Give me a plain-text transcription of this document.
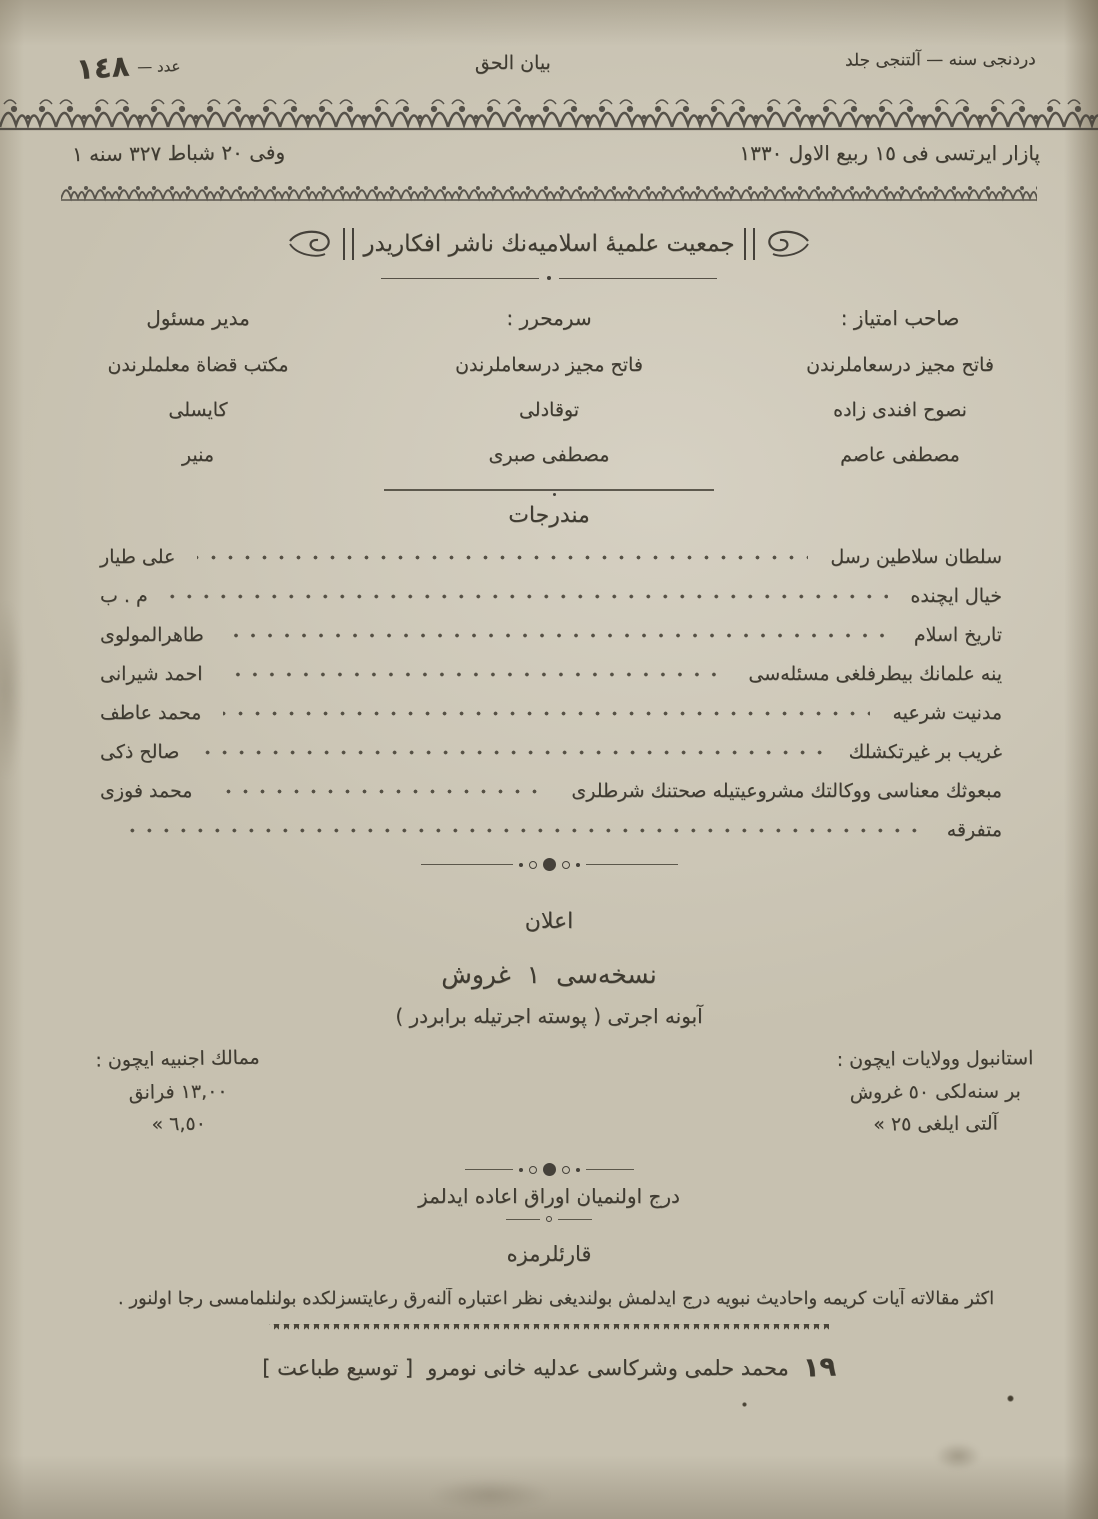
دردنجى سنه — آلتنجى جلد
بيان الحق
عدد —
١٤٨
پازار ايرتسى فى ١٥ ربيع الاول ١٣٣٠
وفى ٢٠ شباط ٣٢٧ سنه ١
جمعيت علميهٔ اسلاميه‌نك ناشر افكاريدر
صاحب امتياز :
فاتح مجيز درسعاملرندن
نصوح افندى زاده
مصطفى عاصم
سرمحرر :
فاتح مجيز درسعاملرندن
توقادلى
مصطفى صبرى
مدير مسئول
مكتب قضاة معلملرندن
كايسلى
منير
مندرجات
سلطان سلاطين رسل
على طيار
خيال ايچنده
م . ب
تاريخ اسلام
طاهرالمولوى
ينه علمانك بيطرفلغى مسئله‌سى
احمد شيرانى
مدنيت شرعيه
محمد عاطف
غريب بر غيرتكشلك
صالح ذكى
مبعوثك معناسى ووكالتك مشروعيتيله صحتنك شرطلرى
محمد فوزى
متفرقه
اعلان
نسخه‌سى ١ غروش
آبونه اجرتى ( پوسته اجرتيله برابردر )
استانبول وولايات ايچون :
بر سنه‌لكى ٥٠ غروش
آلتى ايلغى ٢٥ »
ممالك اجنبيه ايچون :
١٣,٠٠ فرانق
٦,٥٠ »
درج اولنميان اوراق اعاده ايدلمز
قارئلرمزه
اكثر مقالاته آيات كريمه واحاديث نبويه درج ايدلمش بولنديغى نظر اعتباره آلنه‌رق رعايتسزلكده بولنلمامسى رجا اولنور .
[ توسيع طباعت ] محمد حلمى وشركاسى عدليه خانى نومرو ١٩
